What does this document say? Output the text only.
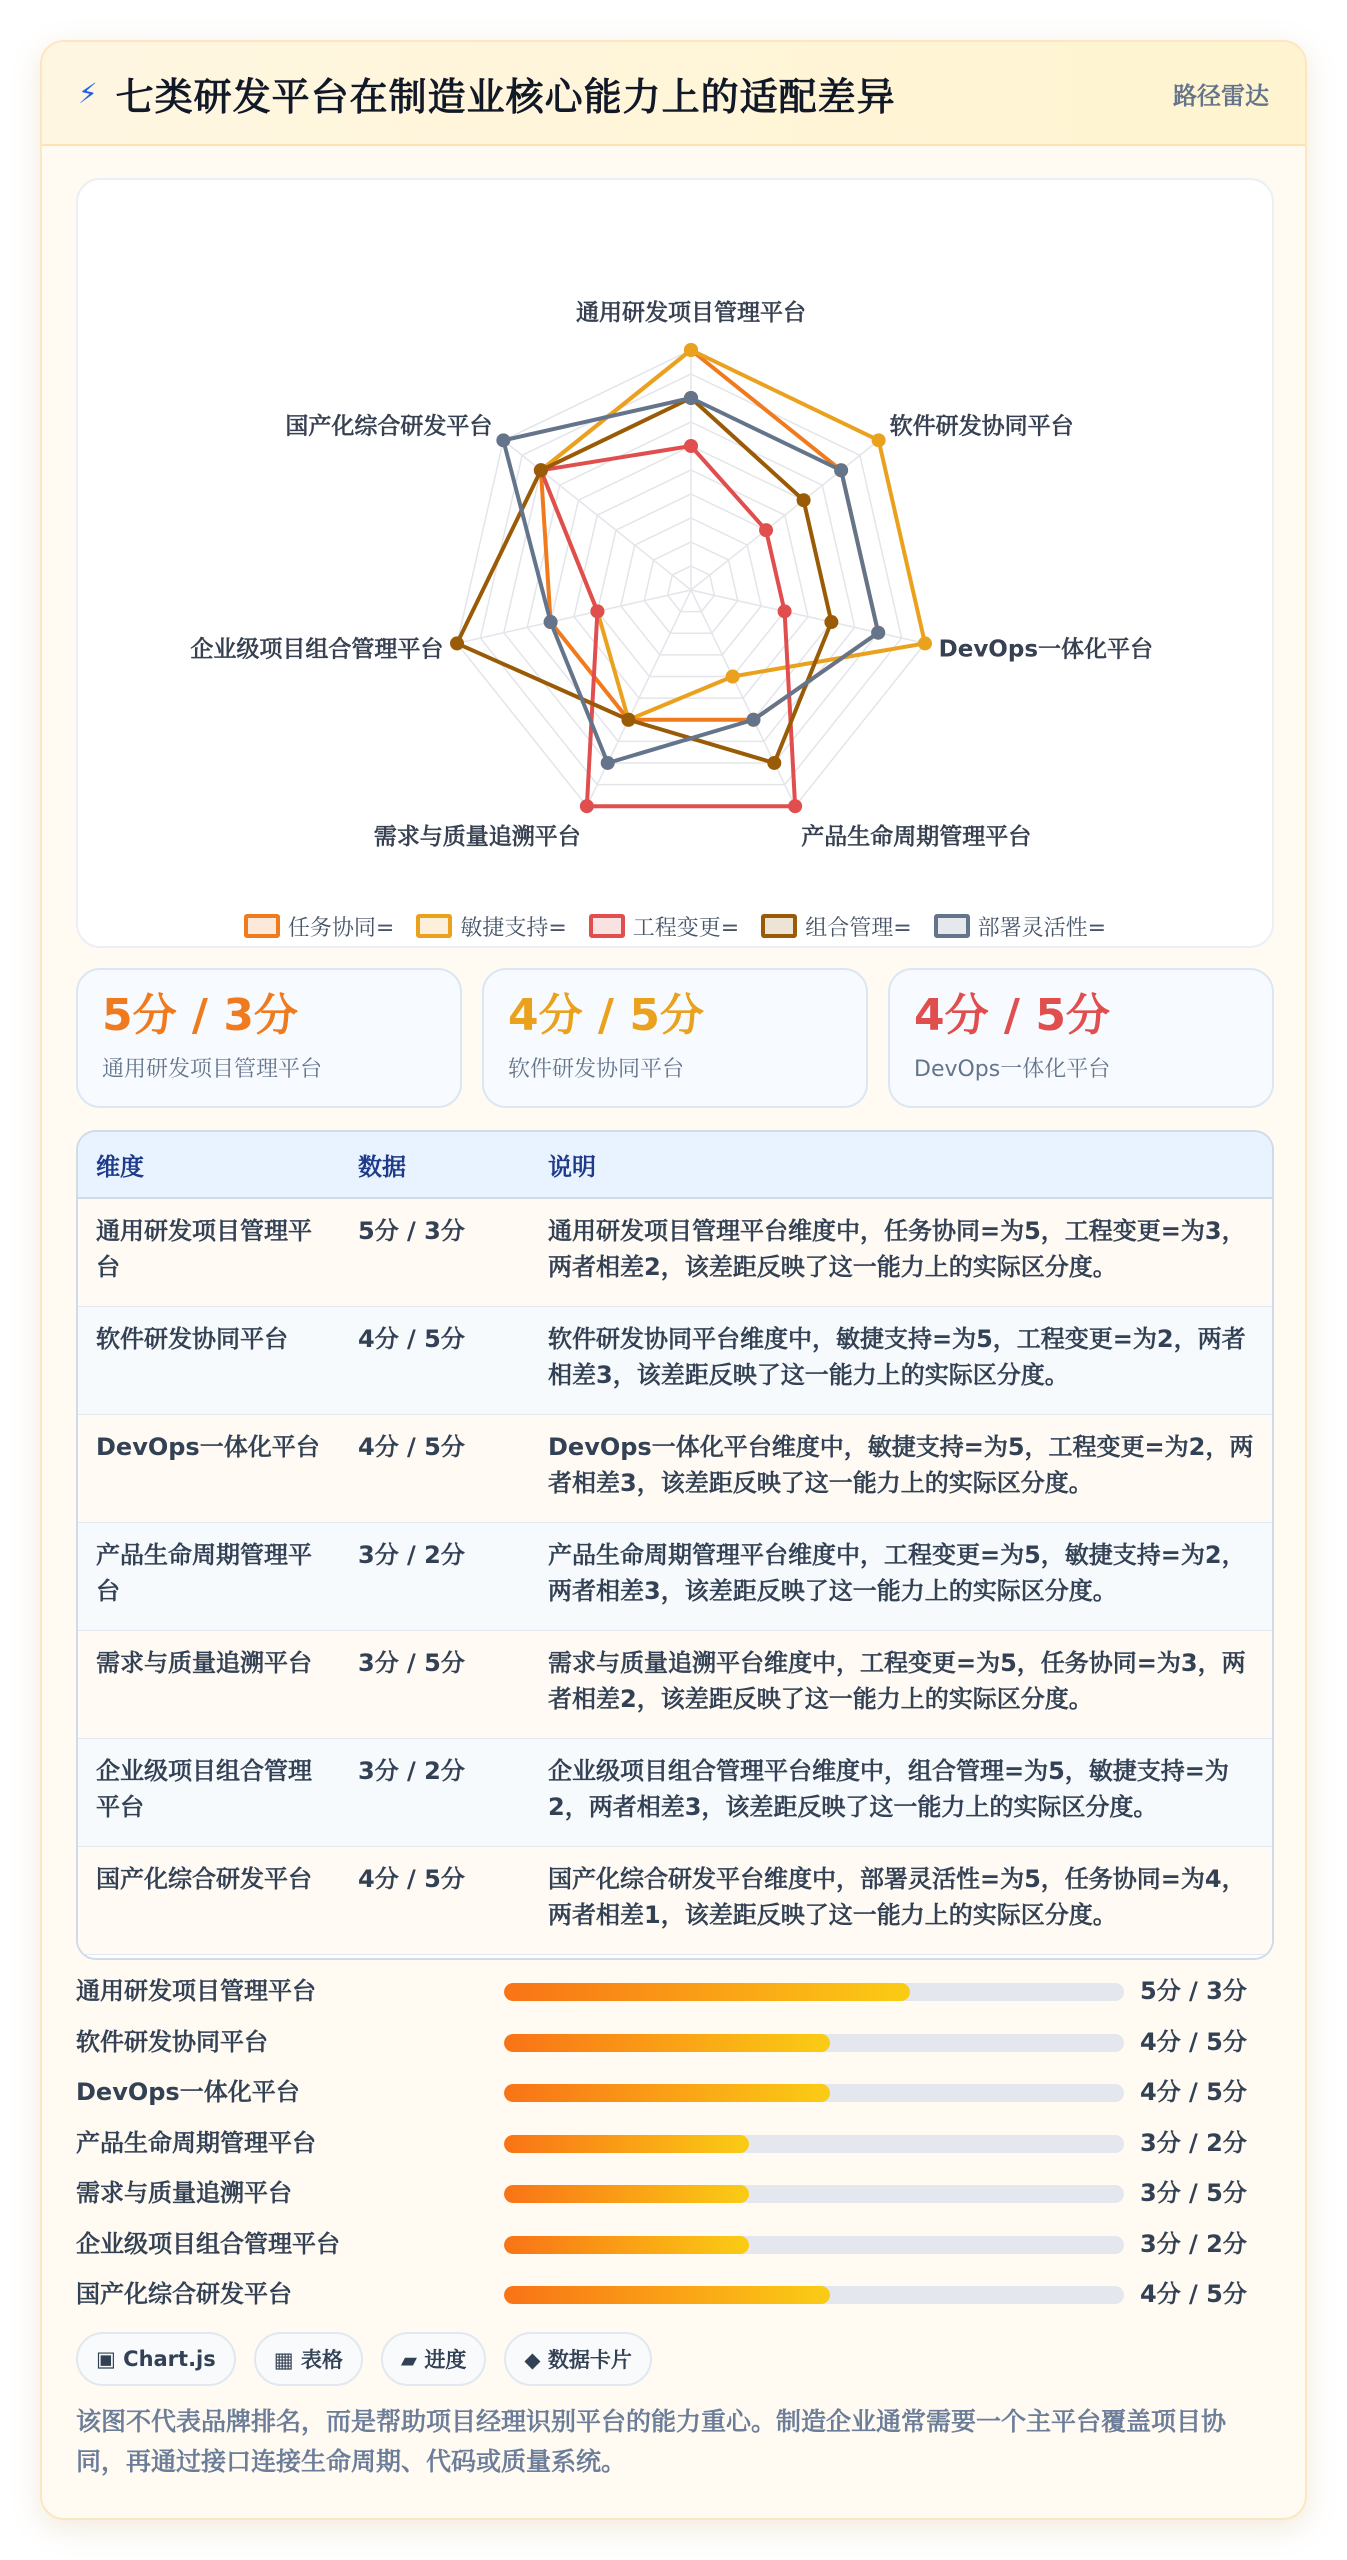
⚡ 七类研发平台在制造业核心能力上的适配差异	路径雷达
通用研发项目管理平台
软件研发协同平台
DevOps一体化平台
产品生命周期管理平台
需求与质量追溯平台
企业级项目组合管理平台
国产化综合研发平台
任务协同=	敏捷支持=	工程变更=	组合管理=	部署灵活性=
5分 / 3分
通用研发项目管理平台
4分 / 5分
软件研发协同平台
4分 / 5分
DevOps一体化平台
维度	数据	说明
通用研发项目管理平台	5分 / 3分	通用研发项目管理平台维度中，任务协同=为5，工程变更=为3，两者相差2，该差距反映了这一能力上的实际区分度。
软件研发协同平台	4分 / 5分	软件研发协同平台维度中，敏捷支持=为5，工程变更=为2，两者相差3，该差距反映了这一能力上的实际区分度。
DevOps一体化平台	4分 / 5分	DevOps一体化平台维度中，敏捷支持=为5，工程变更=为2，两者相差3，该差距反映了这一能力上的实际区分度。
产品生命周期管理平台	3分 / 2分	产品生命周期管理平台维度中，工程变更=为5，敏捷支持=为2，两者相差3，该差距反映了这一能力上的实际区分度。
需求与质量追溯平台	3分 / 5分	需求与质量追溯平台维度中，工程变更=为5，任务协同=为3，两者相差2，该差距反映了这一能力上的实际区分度。
企业级项目组合管理平台	3分 / 2分	企业级项目组合管理平台维度中，组合管理=为5，敏捷支持=为2，两者相差3，该差距反映了这一能力上的实际区分度。
国产化综合研发平台	4分 / 5分	国产化综合研发平台维度中，部署灵活性=为5，任务协同=为4，两者相差1，该差距反映了这一能力上的实际区分度。
通用研发项目管理平台	5分 / 3分
软件研发协同平台	4分 / 5分
DevOps一体化平台	4分 / 5分
产品生命周期管理平台	3分 / 2分
需求与质量追溯平台	3分 / 5分
企业级项目组合管理平台	3分 / 2分
国产化综合研发平台	4分 / 5分
▣ Chart.js	▦ 表格	▰ 进度	◆ 数据卡片
该图不代表品牌排名，而是帮助项目经理识别平台的能力重心。制造企业通常需要一个主平台覆盖项目协同，再通过接口连接生命周期、代码或质量系统。
